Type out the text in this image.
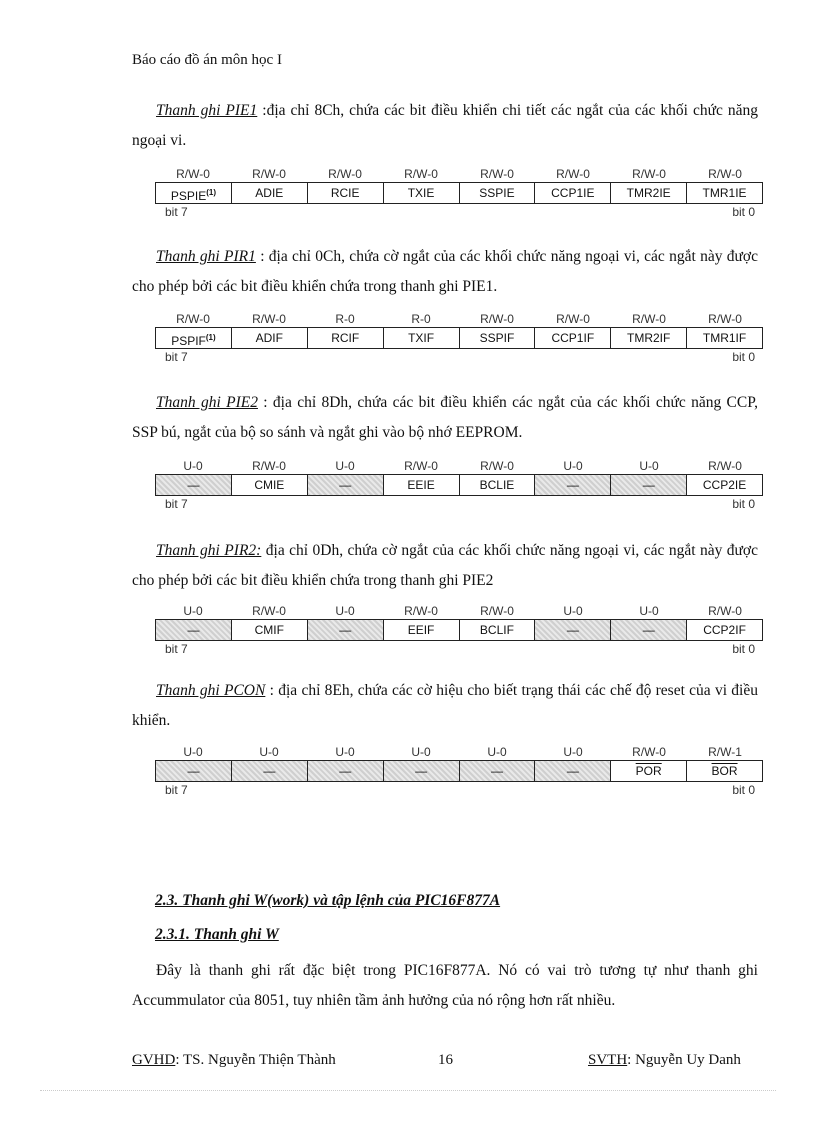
Báo cáo đồ án môn học I
Thanh ghi PIE1 :địa chỉ 8Ch, chứa các bit điều khiển chi tiết các ngắt của các khối chức năng ngoại vi.
R/W-0	R/W-0	R/W-0	R/W-0	R/W-0	R/W-0	R/W-0	R/W-0
PSPIE$^{(1)}$	ADIE	RCIE	TXIE	SSPIE	CCP1IE	TMR2IE	TMR1IE
bit 7	bit 0
Thanh ghi PIR1 : địa chỉ 0Ch, chứa cờ ngắt của các khối chức năng ngoại vi, các ngắt này được cho phép bởi các bit điều khiển chứa trong thanh ghi PIE1.
R/W-0	R/W-0	R-0	R-0	R/W-0	R/W-0	R/W-0	R/W-0
PSPIF$^{(1)}$	ADIF	RCIF	TXIF	SSPIF	CCP1IF	TMR2IF	TMR1IF
bit 7	bit 0
Thanh ghi PIE2 : địa chỉ 8Dh, chứa các bit điều khiển các ngắt của các khối chức năng CCP, SSP bú, ngắt của bộ so sánh và ngắt ghi vào bộ nhớ EEPROM.
U-0	R/W-0	U-0	R/W-0	R/W-0	U-0	U-0	R/W-0
—	CMIE	—	EEIE	BCLIE	—	—	CCP2IE
bit 7	bit 0
Thanh ghi PIR2: địa chỉ 0Dh, chứa cờ ngắt của các khối chức năng ngoại vi, các ngắt này được cho phép bởi các bit điều khiển chứa trong thanh ghi PIE2
U-0	R/W-0	U-0	R/W-0	R/W-0	U-0	U-0	R/W-0
—	CMIF	—	EEIF	BCLIF	—	—	CCP2IF
bit 7	bit 0
Thanh ghi PCON : địa chỉ 8Eh, chứa các cờ hiệu cho biết trạng thái các chế độ reset của vi điều khiển.
U-0	U-0	U-0	U-0	U-0	U-0	R/W-0	R/W-1
—	—	—	—	—	—	$\overline{POR}$	$\overline{BOR}$
bit 7	bit 0
2.3. Thanh ghi W(work) và tập lệnh của PIC16F877A
2.3.1. Thanh ghi W
Đây là thanh ghi rất đặc biệt trong PIC16F877A. Nó có vai trò tương tự như thanh ghi Accummulator của 8051, tuy nhiên tầm ảnh hưởng của nó rộng hơn rất nhiều.
GVHD: TS. Nguyễn Thiện Thành	16	SVTH: Nguyễn Uy Danh
